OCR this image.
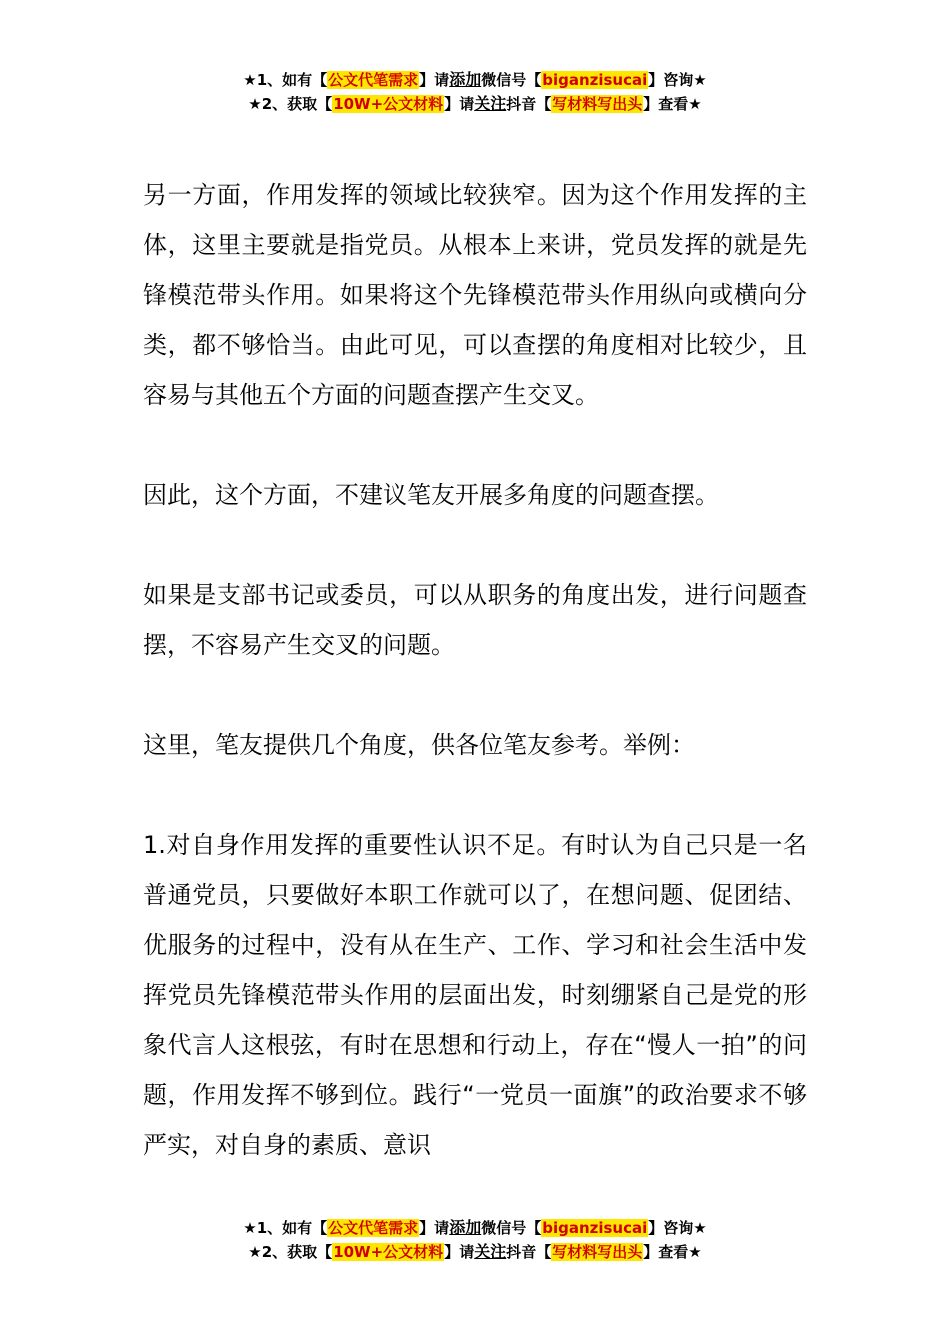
★1、如有【公文代笔需求】请添加微信号【biganzisucai】咨询★
★2、获取【10W+公文材料】请关注抖音【写材料写出头】查看★

另一方面，作用发挥的领域比较狭窄。因为这个作用发挥的主体，这里主要就是指党员。从根本上来讲，党员发挥的就是先锋模范带头作用。如果将这个先锋模范带头作用纵向或横向分类，都不够恰当。由此可见，可以查摆的角度相对比较少，且容易与其他五个方面的问题查摆产生交叉。

因此，这个方面，不建议笔友开展多角度的问题查摆。

如果是支部书记或委员，可以从职务的角度出发，进行问题查摆，不容易产生交叉的问题。

这里，笔友提供几个角度，供各位笔友参考。举例：

1.对自身作用发挥的重要性认识不足。有时认为自己只是一名普通党员，只要做好本职工作就可以了，在想问题、促团结、优服务的过程中，没有从在生产、工作、学习和社会生活中发挥党员先锋模范带头作用的层面出发，时刻绷紧自己是党的形象代言人这根弦，有时在思想和行动上，存在“慢人一拍”的问题，作用发挥不够到位。践行“一党员一面旗”的政治要求不够严实，对自身的素质、意识

★1、如有【公文代笔需求】请添加微信号【biganzisucai】咨询★
★2、获取【10W+公文材料】请关注抖音【写材料写出头】查看★
